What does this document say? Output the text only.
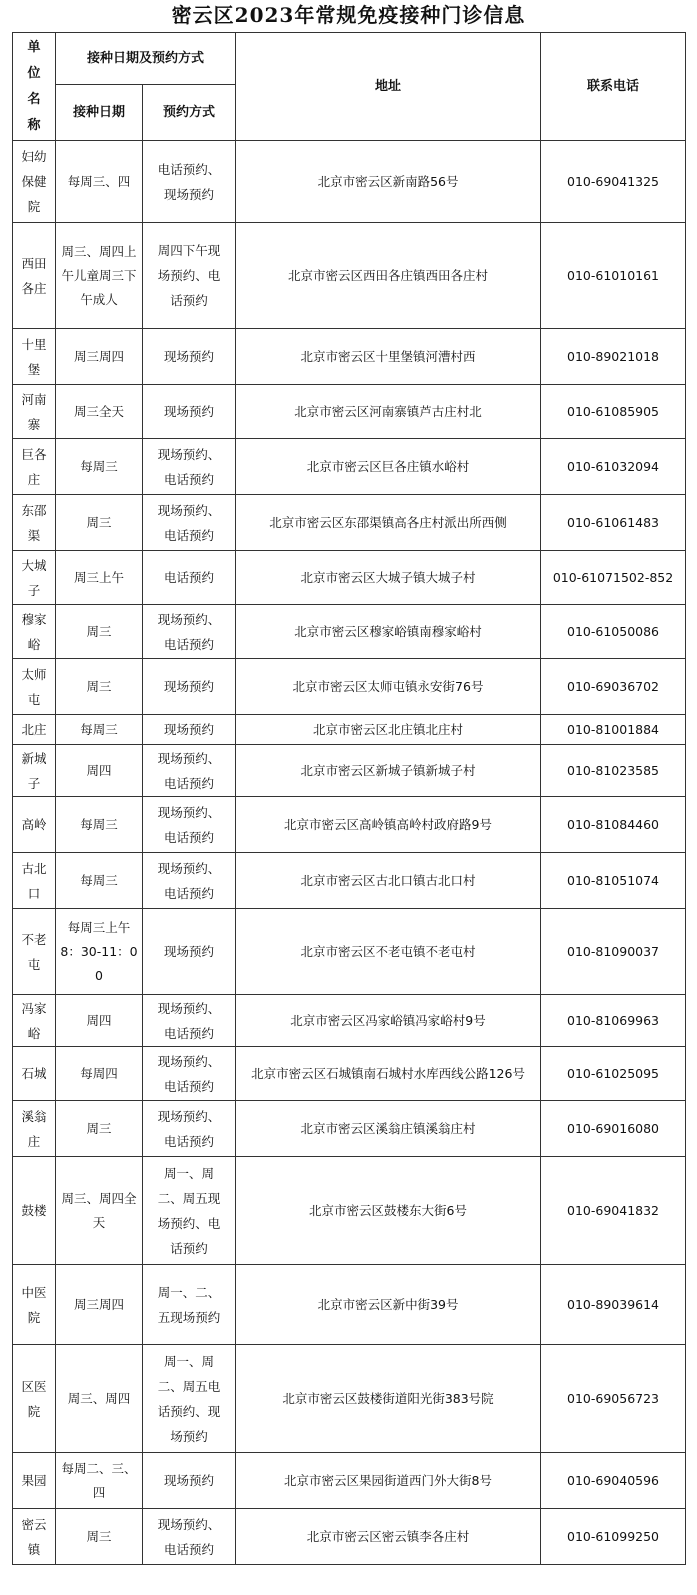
密云区2023年常规免疫接种门诊信息
单位名称	接种日期及预约方式		地址	联系电话
	接种日期	预约方式		
妇幼保健院	每周三、四	电话预约、现场预约	北京市密云区新南路56号	010-69041325
西田各庄	周三、周四上午儿童周三下午成人	周四下午现场预约、电话预约	北京市密云区西田各庄镇西田各庄村	010-61010161
十里堡	周三周四	现场预约	北京市密云区十里堡镇河漕村西	010-89021018
河南寨	周三全天	现场预约	北京市密云区河南寨镇芦古庄村北	010-61085905
巨各庄	每周三	现场预约、电话预约	北京市密云区巨各庄镇水峪村	010-61032094
东邵渠	周三	现场预约、电话预约	北京市密云区东邵渠镇高各庄村派出所西侧	010-61061483
大城子	周三上午	电话预约	北京市密云区大城子镇大城子村	010-61071502-852
穆家峪	周三	现场预约、电话预约	北京市密云区穆家峪镇南穆家峪村	010-61050086
太师屯	周三	现场预约	北京市密云区太师屯镇永安街76号	010-69036702
北庄	每周三	现场预约	北京市密云区北庄镇北庄村	010-81001884
新城子	周四	现场预约、电话预约	北京市密云区新城子镇新城子村	010-81023585
高岭	每周三	现场预约、电话预约	北京市密云区高岭镇高岭村政府路9号	010-81084460
古北口	每周三	现场预约、电话预约	北京市密云区古北口镇古北口村	010-81051074
不老屯	每周三上午8：30-11：00	现场预约	北京市密云区不老屯镇不老屯村	010-81090037
冯家峪	周四	现场预约、电话预约	北京市密云区冯家峪镇冯家峪村9号	010-81069963
石城	每周四	现场预约、电话预约	北京市密云区石城镇南石城村水库西线公路126号	010-61025095
溪翁庄	周三	现场预约、电话预约	北京市密云区溪翁庄镇溪翁庄村	010-69016080
鼓楼	周三、周四全天	周一、周二、周五现场预约、电话预约	北京市密云区鼓楼东大街6号	010-69041832
中医院	周三周四	周一、二、五现场预约	北京市密云区新中街39号	010-89039614
区医院	周三、周四	周一、周二、周五电话预约、现场预约	北京市密云区鼓楼街道阳光街383号院	010-69056723
果园	每周二、三、四	现场预约	北京市密云区果园街道西门外大街8号	010-69040596
密云镇	周三	现场预约、电话预约	北京市密云区密云镇李各庄村	010-61099250
